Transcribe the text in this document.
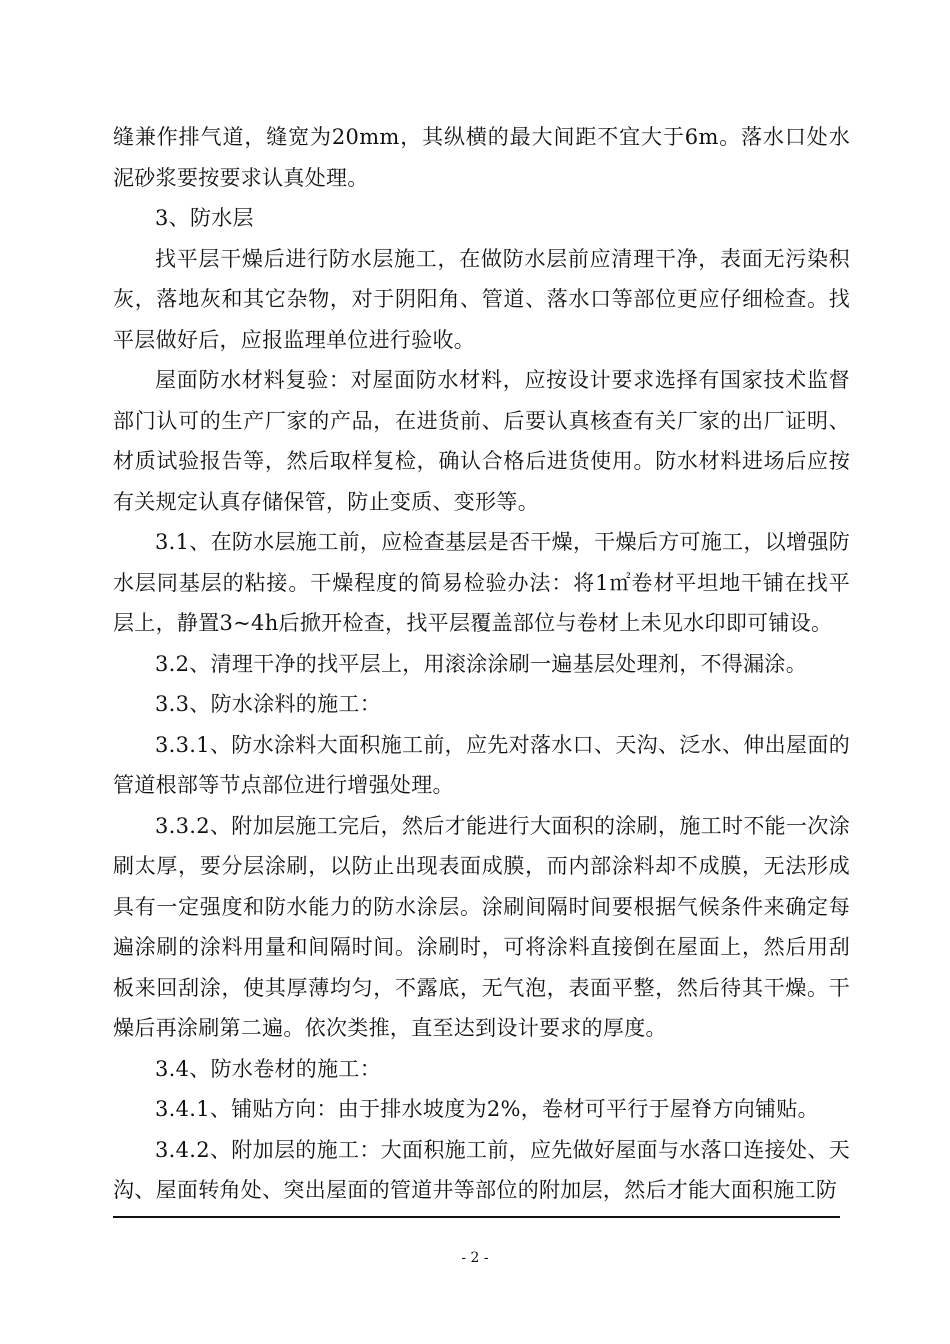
缝兼作排气道，缝宽为20mm，其纵横的最大间距不宜大于6m。落水口处水泥砂浆要按要求认真处理。

3、防水层

找平层干燥后进行防水层施工，在做防水层前应清理干净，表面无污染积灰，落地灰和其它杂物，对于阴阳角、管道、落水口等部位更应仔细检查。找平层做好后，应报监理单位进行验收。

屋面防水材料复验：对屋面防水材料，应按设计要求选择有国家技术监督部门认可的生产厂家的产品，在进货前、后要认真核查有关厂家的出厂证明、材质试验报告等，然后取样复检，确认合格后进货使用。防水材料进场后应按有关规定认真存储保管，防止变质、变形等。

3.1、在防水层施工前，应检查基层是否干燥，干燥后方可施工，以增强防水层同基层的粘接。干燥程度的简易检验办法：将1㎡卷材平坦地干铺在找平层上，静置3~4h后掀开检查，找平层覆盖部位与卷材上未见水印即可铺设。

3.2、清理干净的找平层上，用滚涂涂刷一遍基层处理剂，不得漏涂。

3.3、防水涂料的施工：

3.3.1、防水涂料大面积施工前，应先对落水口、天沟、泛水、伸出屋面的管道根部等节点部位进行增强处理。

3.3.2、附加层施工完后，然后才能进行大面积的涂刷，施工时不能一次涂刷太厚，要分层涂刷，以防止出现表面成膜，而内部涂料却不成膜，无法形成具有一定强度和防水能力的防水涂层。涂刷间隔时间要根据气候条件来确定每遍涂刷的涂料用量和间隔时间。涂刷时，可将涂料直接倒在屋面上，然后用刮板来回刮涂，使其厚薄均匀，不露底，无气泡，表面平整，然后待其干燥。干燥后再涂刷第二遍。依次类推，直至达到设计要求的厚度。

3.4、防水卷材的施工：

3.4.1、铺贴方向：由于排水坡度为2%，卷材可平行于屋脊方向铺贴。

3.4.2、附加层的施工：大面积施工前，应先做好屋面与水落口连接处、天沟、屋面转角处、突出屋面的管道井等部位的附加层，然后才能大面积施工防

- 2 -
